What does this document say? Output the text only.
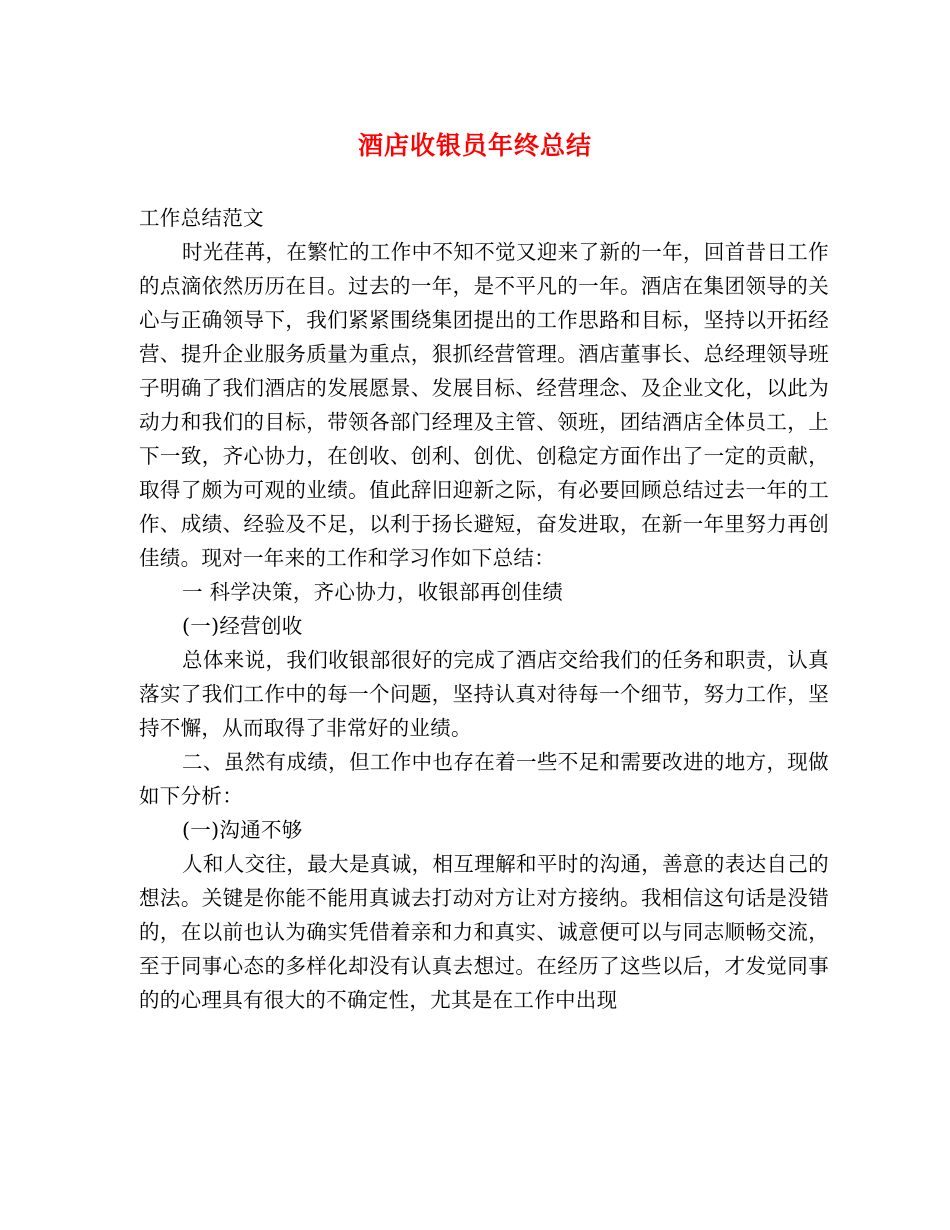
酒店收银员年终总结

工作总结范文

时光荏苒，在繁忙的工作中不知不觉又迎来了新的一年，回首昔日工作的点滴依然历历在目。过去的一年，是不平凡的一年。酒店在集团领导的关心与正确领导下，我们紧紧围绕集团提出的工作思路和目标，坚持以开拓经营、提升企业服务质量为重点，狠抓经营管理。酒店董事长、总经理领导班子明确了我们酒店的发展愿景、发展目标、经营理念、及企业文化，以此为动力和我们的目标，带领各部门经理及主管、领班，团结酒店全体员工，上下一致，齐心协力，在创收、创利、创优、创稳定方面作出了一定的贡献，取得了颇为可观的业绩。值此辞旧迎新之际，有必要回顾总结过去一年的工作、成绩、经验及不足，以利于扬长避短，奋发进取，在新一年里努力再创佳绩。现对一年来的工作和学习作如下总结：

一 科学决策，齐心协力，收银部再创佳绩

(一)经营创收

总体来说，我们收银部很好的完成了酒店交给我们的任务和职责，认真落实了我们工作中的每一个问题，坚持认真对待每一个细节，努力工作，坚持不懈，从而取得了非常好的业绩。

二、虽然有成绩，但工作中也存在着一些不足和需要改进的地方，现做如下分析：

(一)沟通不够

人和人交往，最大是真诚，相互理解和平时的沟通，善意的表达自己的想法。关键是你能不能用真诚去打动对方让对方接纳。我相信这句话是没错的，在以前也认为确实凭借着亲和力和真实、诚意便可以与同志顺畅交流，至于同事心态的多样化却没有认真去想过。在经历了这些以后，才发觉同事的的心理具有很大的不确定性，尤其是在工作中出现
